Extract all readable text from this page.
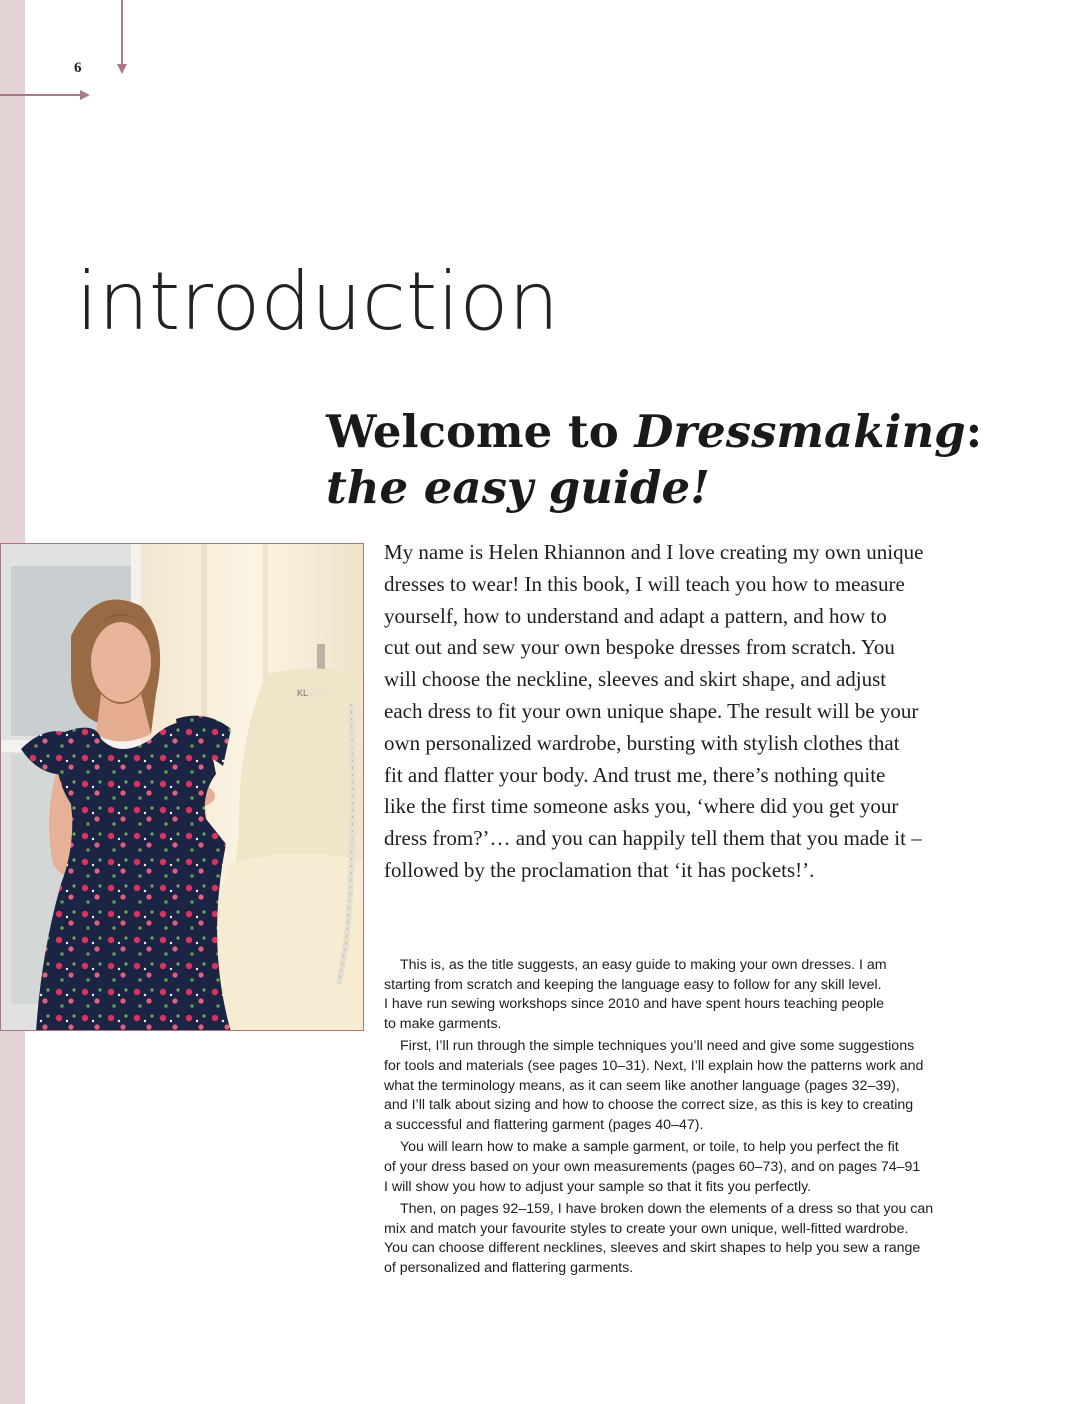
6
introduction
Welcome to Dressmaking:
the easy guide!
KL
My name is Helen Rhiannon and I love creating my own unique
dresses to wear! In this book, I will teach you how to measure
yourself, how to understand and adapt a pattern, and how to
cut out and sew your own bespoke dresses from scratch. You
will choose the neckline, sleeves and skirt shape, and adjust
each dress to fit your own unique shape. The result will be your
own personalized wardrobe, bursting with stylish clothes that
fit and flatter your body. And trust me, there’s nothing quite
like the first time someone asks you, ‘where did you get your
dress from?’… and you can happily tell them that you made it –
followed by the proclamation that ‘it has pockets!’.

This is, as the title suggests, an easy guide to making your own dresses. I am
starting from scratch and keeping the language easy to follow for any skill level.
I have run sewing workshops since 2010 and have spent hours teaching people
to make garments.

First, I’ll run through the simple techniques you’ll need and give some suggestions
for tools and materials (see pages 10–31). Next, I’ll explain how the patterns work and
what the terminology means, as it can seem like another language (pages 32–39),
and I’ll talk about sizing and how to choose the correct size, as this is key to creating
a successful and flattering garment (pages 40–47).

You will learn how to make a sample garment, or toile, to help you perfect the fit
of your dress based on your own measurements (pages 60–73), and on pages 74–91
I will show you how to adjust your sample so that it fits you perfectly.

Then, on pages 92–159, I have broken down the elements of a dress so that you can
mix and match your favourite styles to create your own unique, well-fitted wardrobe.
You can choose different necklines, sleeves and skirt shapes to help you sew a range
of personalized and flattering garments.
